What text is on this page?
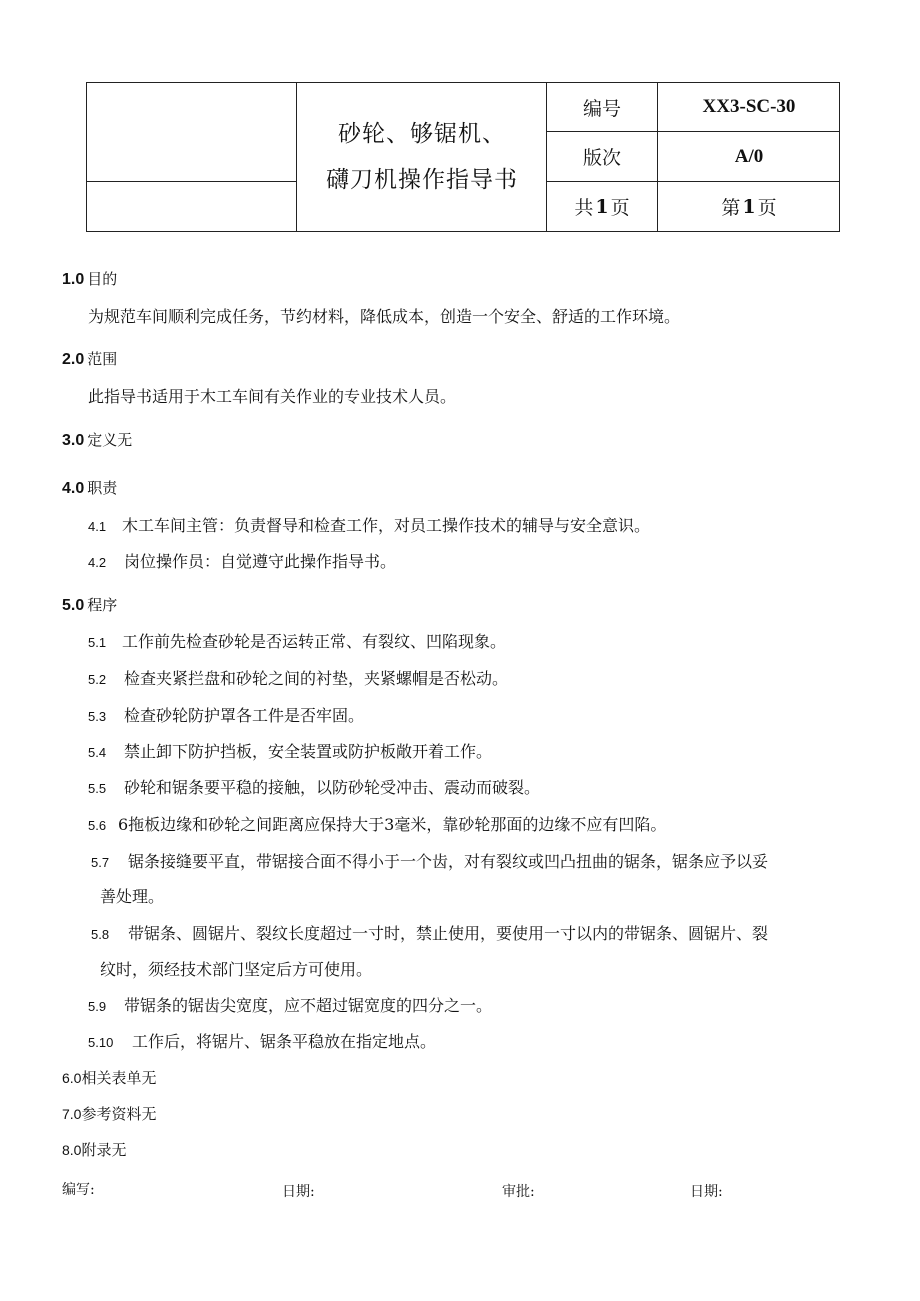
砂轮、够锯机、
礴刀机操作指导书
编号	XX3-SC-30
版次	A/0
共 1 页	第 1 页
1.0 目的
为规范车间顺利完成任务，节约材料，降低成本，创造一个安全、舒适的工作环境。
2.0 范围
此指导书适用于木工车间有关作业的专业技术人员。
3.0 定义无
4.0 职责
4.1 木工车间主管：负责督导和检查工作，对员工操作技术的辅导与安全意识。
4.2 岗位操作员：自觉遵守此操作指导书。
5.0 程序
5.1 工作前先检查砂轮是否运转正常、有裂纹、凹陷现象。
5.2 检查夹紧拦盘和砂轮之间的衬垫，夹紧螺帽是否松动。
5.3 检查砂轮防护罩各工件是否牢固。
5.4 禁止卸下防护挡板，安全装置或防护板敞开着工作。
5.5 砂轮和锯条要平稳的接触，以防砂轮受冲击、震动而破裂。
5.6 6拖板边缘和砂轮之间距离应保持大于3毫米，靠砂轮那面的边缘不应有凹陷。
5.7 锯条接缝要平直，带锯接合面不得小于一个齿，对有裂纹或凹凸扭曲的锯条，锯条应予以妥
善处理。
5.8 带锯条、圆锯片、裂纹长度超过一寸时，禁止使用，要使用一寸以内的带锯条、圆锯片、裂
纹时，须经技术部门坚定后方可使用。
5.9 带锯条的锯齿尖宽度，应不超过锯宽度的四分之一。
5.10 工作后，将锯片、锯条平稳放在指定地点。
6.0相关表单无
7.0参考资料无
8.0附录无
编写:	日期:	审批:	日期:
